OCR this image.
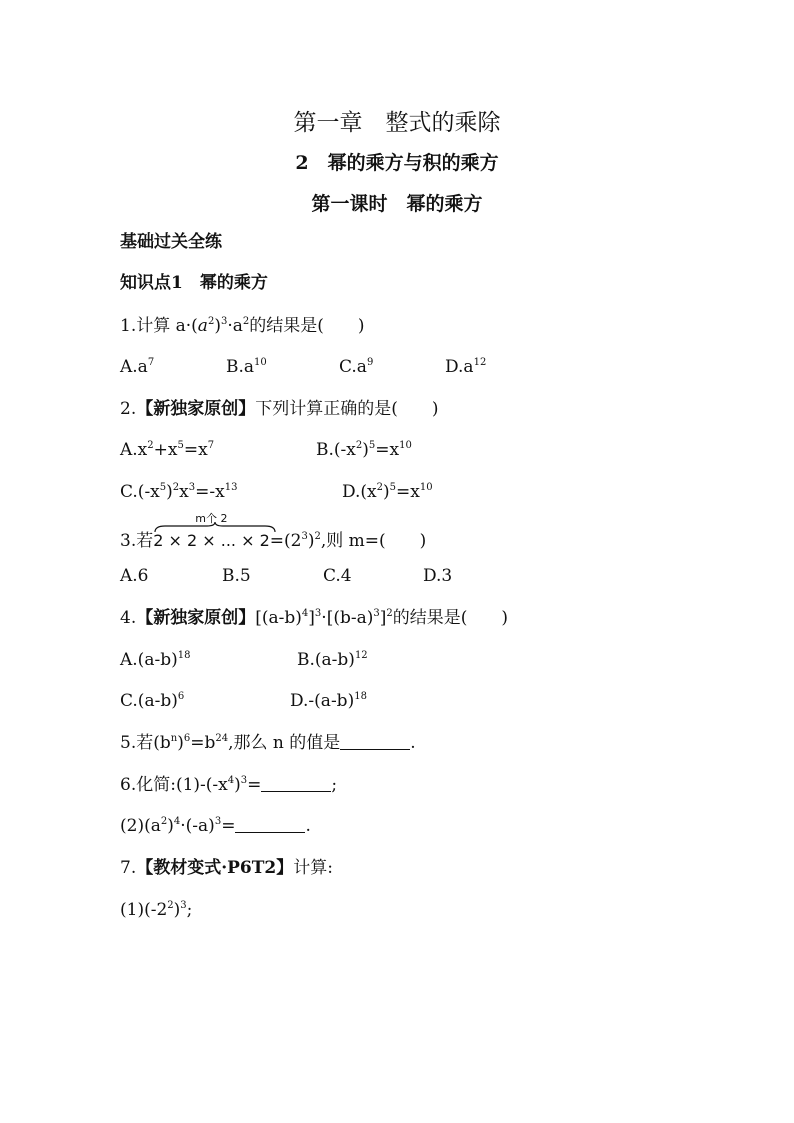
第一章　整式的乘除
2　幂的乘方与积的乘方
第一课时　幂的乘方
基础过关全练
知识点1　幂的乘方
1.计算 $a\cdot(a^2)^3\cdot a^2$的结果是(　　)
$A.a^7$	$B.a^{10}$	$C.a^9$	$D.a^{12}$
2.【新独家原创】下列计算正确的是(　　)
$A.x^2+x^5=x^7$	$B.(-x^2)^5=x^{10}$
$C.(-x^5)^2x^3=-x^{13}$	$D.(x^2)^5=x^{10}$
3.若
m个 2
2 × 2 × ... × $2=(2^3)^2$,则 m=(　　)
A.6	B.5	C.4	D.3
4.【新独家原创】$[(a-b)^4]^3\cdot[(b-a)^3]^2$的结果是(　　)
$A.(a-b)^{18}$	$B.(a-b)^{12}$
$C.(a-b)^6$	$D.-(a-b)^{18}$
5.若$(b^n)^6=b^{24}$,那么 n 的值是	.
6.化简$:(1)-(-x^4)^3=$	;
$(2)(a^2)^4\cdot(-a)^3=$	.
7.【教材变式·P6T2】计算:
$(1)(-2^2)^3$;
